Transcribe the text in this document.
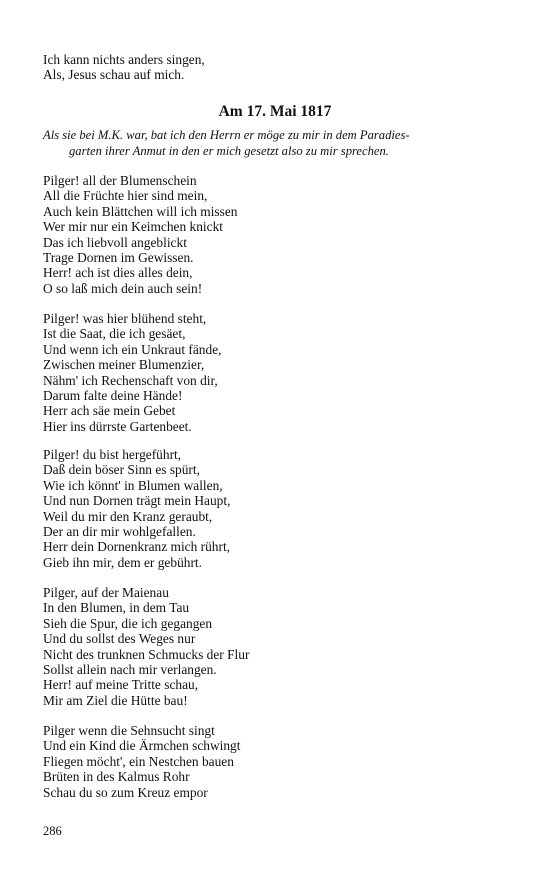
Ich kann nichts anders singen,
Als, Jesus schau auf mich.
Am 17. Mai 1817
Als sie bei M.K. war, bat ich den Herrn er möge zu mir in dem Paradies-
garten ihrer Anmut in den er mich gesetzt also zu mir sprechen.
Pilger! all der Blumenschein
All die Früchte hier sind mein,
Auch kein Blättchen will ich missen
Wer mir nur ein Keimchen knickt
Das ich liebvoll angeblickt
Trage Dornen im Gewissen.
Herr! ach ist dies alles dein,
O so laß mich dein auch sein!
Pilger! was hier blühend steht,
Ist die Saat, die ich gesäet,
Und wenn ich ein Unkraut fände,
Zwischen meiner Blumenzier,
Nähm' ich Rechenschaft von dir,
Darum falte deine Hände!
Herr ach säe mein Gebet
Hier ins dürrste Gartenbeet.
Pilger! du bist hergeführt,
Daß dein böser Sinn es spürt,
Wie ich könnt' in Blumen wallen,
Und nun Dornen trägt mein Haupt,
Weil du mir den Kranz geraubt,
Der an dir mir wohlgefallen.
Herr dein Dornenkranz mich rührt,
Gieb ihn mir, dem er gebührt.
Pilger, auf der Maienau
In den Blumen, in dem Tau
Sieh die Spur, die ich gegangen
Und du sollst des Weges nur
Nicht des trunknen Schmucks der Flur
Sollst allein nach mir verlangen.
Herr! auf meine Tritte schau,
Mir am Ziel die Hütte bau!
Pilger wenn die Sehnsucht singt
Und ein Kind die Ärmchen schwingt
Fliegen möcht', ein Nestchen bauen
Brüten in des Kalmus Rohr
Schau du so zum Kreuz empor
286
